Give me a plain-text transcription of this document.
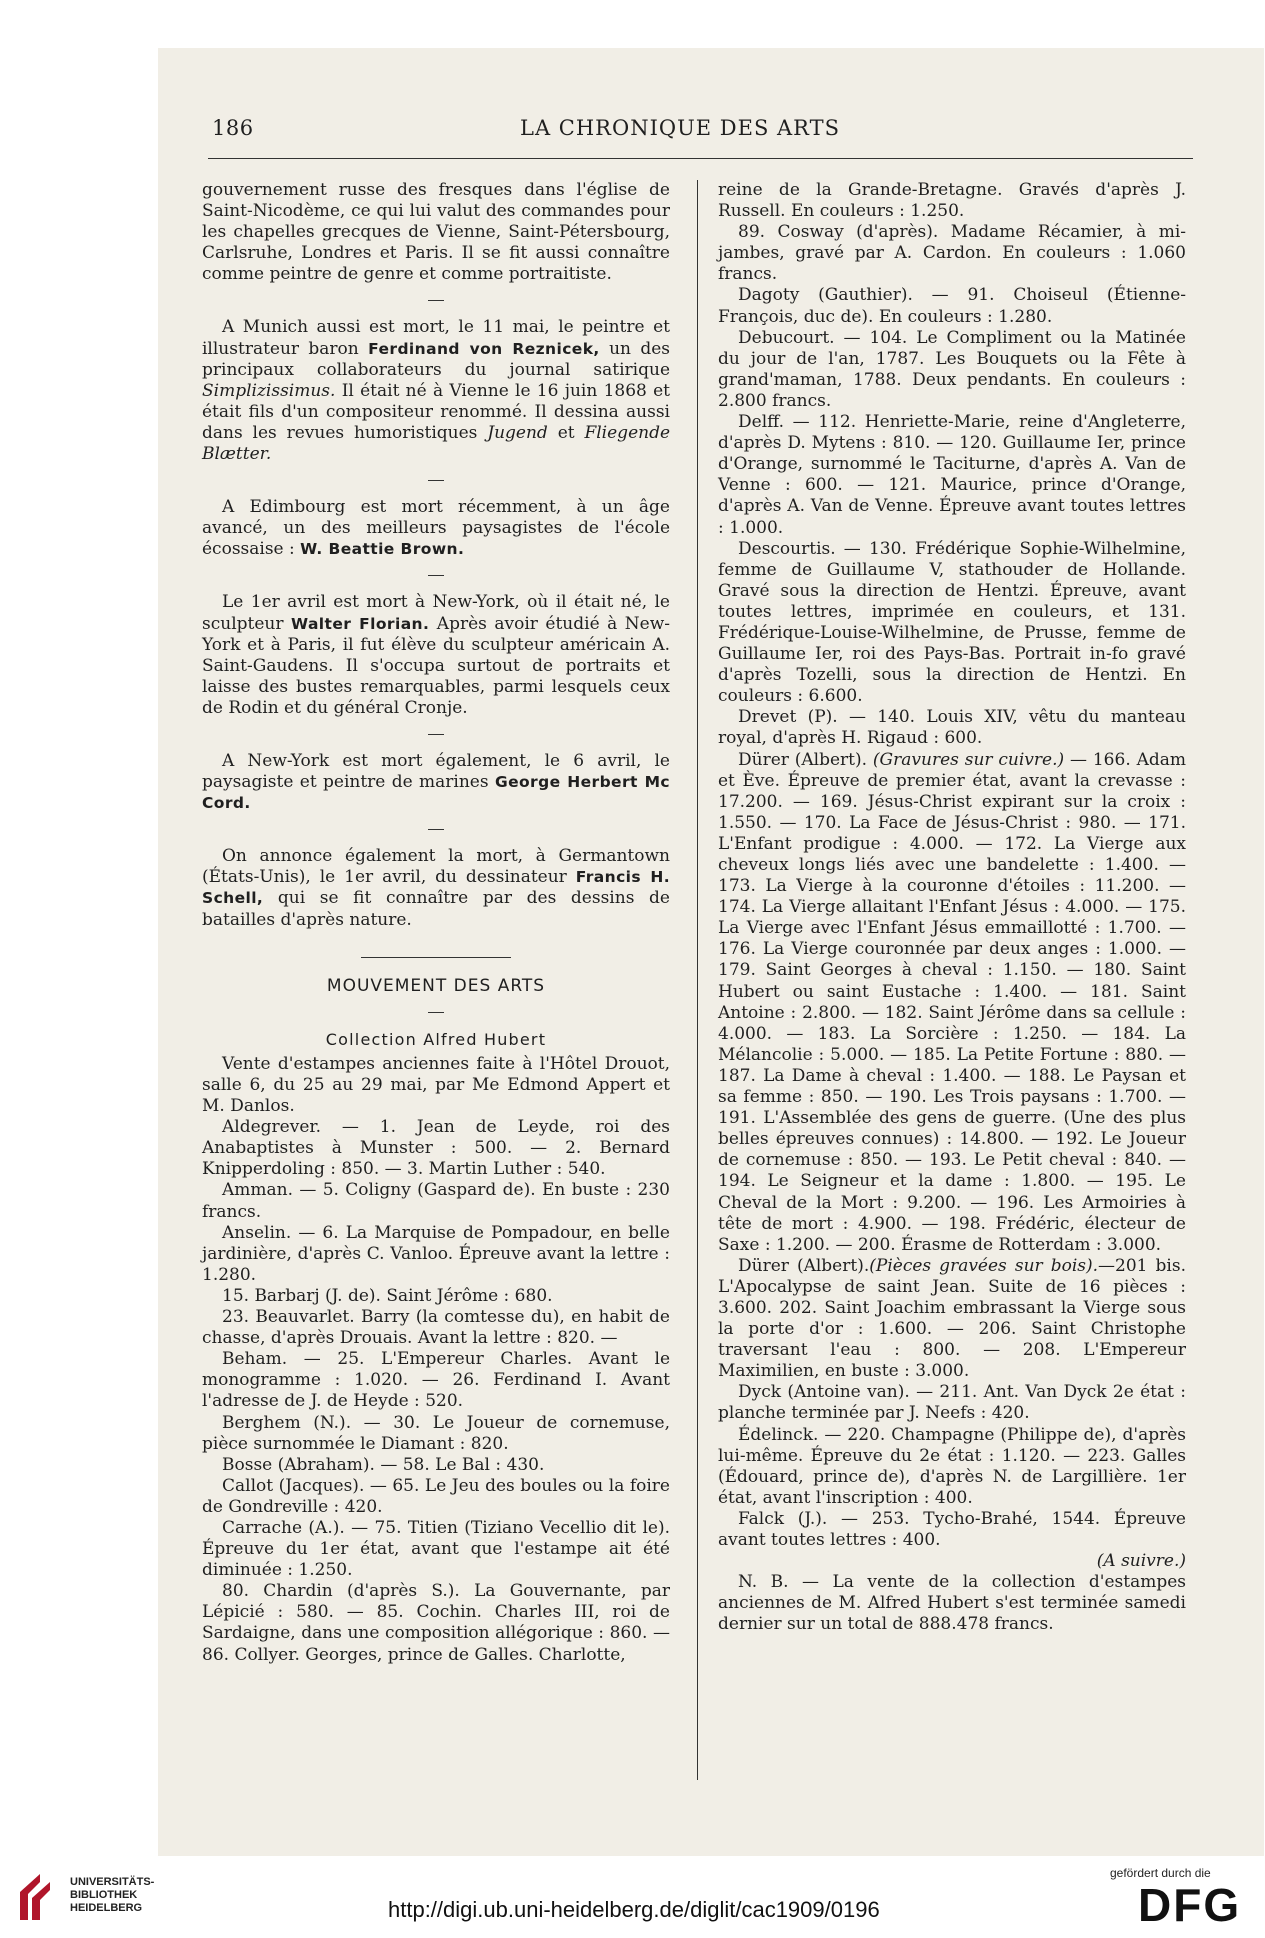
186	LA CHRONIQUE DES ARTS

gouvernement russe des fresques dans l'église de Saint-Nicodème, ce qui lui valut des commandes pour les chapelles grecques de Vienne, Saint-Pétersbourg, Carlsruhe, Londres et Paris. Il se fit aussi connaître comme peintre de genre et comme portraitiste.

A Munich aussi est mort, le 11 mai, le peintre et illustrateur baron Ferdinand von Reznicek, un des principaux collaborateurs du journal satirique Simplizissimus. Il était né à Vienne le 16 juin 1868 et était fils d'un compositeur renommé. Il dessina aussi dans les revues humoristiques Jugend et Fliegende Blætter.

A Edimbourg est mort récemment, à un âge avancé, un des meilleurs paysagistes de l'école écossaise : W. Beattie Brown.

Le 1er avril est mort à New-York, où il était né, le sculpteur Walter Florian. Après avoir étudié à New-York et à Paris, il fut élève du sculpteur américain A. Saint-Gaudens. Il s'occupa surtout de portraits et laisse des bustes remarquables, parmi lesquels ceux de Rodin et du général Cronje.

A New-York est mort également, le 6 avril, le paysagiste et peintre de marines George Herbert Mc Cord.

On annonce également la mort, à Germantown (États-Unis), le 1er avril, du dessinateur Francis H. Schell, qui se fit connaître par des dessins de batailles d'après nature.

MOUVEMENT DES ARTS
Collection Alfred Hubert

Vente d'estampes anciennes faite à l'Hôtel Drouot, salle 6, du 25 au 29 mai, par Me Edmond Appert et M. Danlos.

Aldegrever. — 1. Jean de Leyde, roi des Anabaptistes à Munster : 500. — 2. Bernard Knipperdoling : 850. — 3. Martin Luther : 540.

Amman. — 5. Coligny (Gaspard de). En buste : 230 francs.

Anselin. — 6. La Marquise de Pompadour, en belle jardinière, d'après C. Vanloo. Épreuve avant la lettre : 1.280.

15. Barbarj (J. de). Saint Jérôme : 680.

23. Beauvarlet. Barry (la comtesse du), en habit de chasse, d'après Drouais. Avant la lettre : 820. —

Beham. — 25. L'Empereur Charles. Avant le monogramme : 1.020. — 26. Ferdinand I. Avant l'adresse de J. de Heyde : 520.

Berghem (N.). — 30. Le Joueur de cornemuse, pièce surnommée le Diamant : 820.

Bosse (Abraham). — 58. Le Bal : 430.

Callot (Jacques). — 65. Le Jeu des boules ou la foire de Gondreville : 420.

Carrache (A.). — 75. Titien (Tiziano Vecellio dit le). Épreuve du 1er état, avant que l'estampe ait été diminuée : 1.250.

80. Chardin (d'après S.). La Gouvernante, par Lépicié : 580. — 85. Cochin. Charles III, roi de Sardaigne, dans une composition allégorique : 860. — 86. Collyer. Georges, prince de Galles. Charlotte,

reine de la Grande-Bretagne. Gravés d'après J. Russell. En couleurs : 1.250.

89. Cosway (d'après). Madame Récamier, à mi-jambes, gravé par A. Cardon. En couleurs : 1.060 francs.

Dagoty (Gauthier). — 91. Choiseul (Étienne-François, duc de). En couleurs : 1.280.

Debucourt. — 104. Le Compliment ou la Matinée du jour de l'an, 1787. Les Bouquets ou la Fête à grand'maman, 1788. Deux pendants. En couleurs : 2.800 francs.

Delff. — 112. Henriette-Marie, reine d'Angleterre, d'après D. Mytens : 810. — 120. Guillaume Ier, prince d'Orange, surnommé le Taciturne, d'après A. Van de Venne : 600. — 121. Maurice, prince d'Orange, d'après A. Van de Venne. Épreuve avant toutes lettres : 1.000.

Descourtis. — 130. Frédérique Sophie-Wilhelmine, femme de Guillaume V, stathouder de Hollande. Gravé sous la direction de Hentzi. Épreuve, avant toutes lettres, imprimée en couleurs, et 131. Frédérique-Louise-Wilhelmine, de Prusse, femme de Guillaume Ier, roi des Pays-Bas. Portrait in-fo gravé d'après Tozelli, sous la direction de Hentzi. En couleurs : 6.600.

Drevet (P). — 140. Louis XIV, vêtu du manteau royal, d'après H. Rigaud : 600.

Dürer (Albert). (Gravures sur cuivre.) — 166. Adam et Ève. Épreuve de premier état, avant la crevasse : 17.200. — 169. Jésus-Christ expirant sur la croix : 1.550. — 170. La Face de Jésus-Christ : 980. — 171. L'Enfant prodigue : 4.000. — 172. La Vierge aux cheveux longs liés avec une bandelette : 1.400. — 173. La Vierge à la couronne d'étoiles : 11.200. — 174. La Vierge allaitant l'Enfant Jésus : 4.000. — 175. La Vierge avec l'Enfant Jésus emmaillotté : 1.700. — 176. La Vierge couronnée par deux anges : 1.000. — 179. Saint Georges à cheval : 1.150. — 180. Saint Hubert ou saint Eustache : 1.400. — 181. Saint Antoine : 2.800. — 182. Saint Jérôme dans sa cellule : 4.000. — 183. La Sorcière : 1.250. — 184. La Mélancolie : 5.000. — 185. La Petite Fortune : 880. — 187. La Dame à cheval : 1.400. — 188. Le Paysan et sa femme : 850. — 190. Les Trois paysans : 1.700. — 191. L'Assemblée des gens de guerre. (Une des plus belles épreuves connues) : 14.800. — 192. Le Joueur de cornemuse : 850. — 193. Le Petit cheval : 840. — 194. Le Seigneur et la dame : 1.800. — 195. Le Cheval de la Mort : 9.200. — 196. Les Armoiries à tête de mort : 4.900. — 198. Frédéric, électeur de Saxe : 1.200. — 200. Érasme de Rotterdam : 3.000.

Dürer (Albert).(Pièces gravées sur bois).—201 bis. L'Apocalypse de saint Jean. Suite de 16 pièces : 3.600. 202. Saint Joachim embrassant la Vierge sous la porte d'or : 1.600. — 206. Saint Christophe traversant l'eau : 800. — 208. L'Empereur Maximilien, en buste : 3.000.

Dyck (Antoine van). — 211. Ant. Van Dyck 2e état : planche terminée par J. Neefs : 420.

Édelinck. — 220. Champagne (Philippe de), d'après lui-même. Épreuve du 2e état : 1.120. — 223. Galles (Édouard, prince de), d'après N. de Largillière. 1er état, avant l'inscription : 400.

Falck (J.). — 253. Tycho-Brahé, 1544. Épreuve avant toutes lettres : 400.

(A suivre.)

N. B. — La vente de la collection d'estampes anciennes de M. Alfred Hubert s'est terminée samedi dernier sur un total de 888.478 francs.

UNIVERSITÄTS-
BIBLIOTHEK
HEIDELBERG	http://digi.ub.uni-heidelberg.de/diglit/cac1909/0196
gefördert durch die
DFG
